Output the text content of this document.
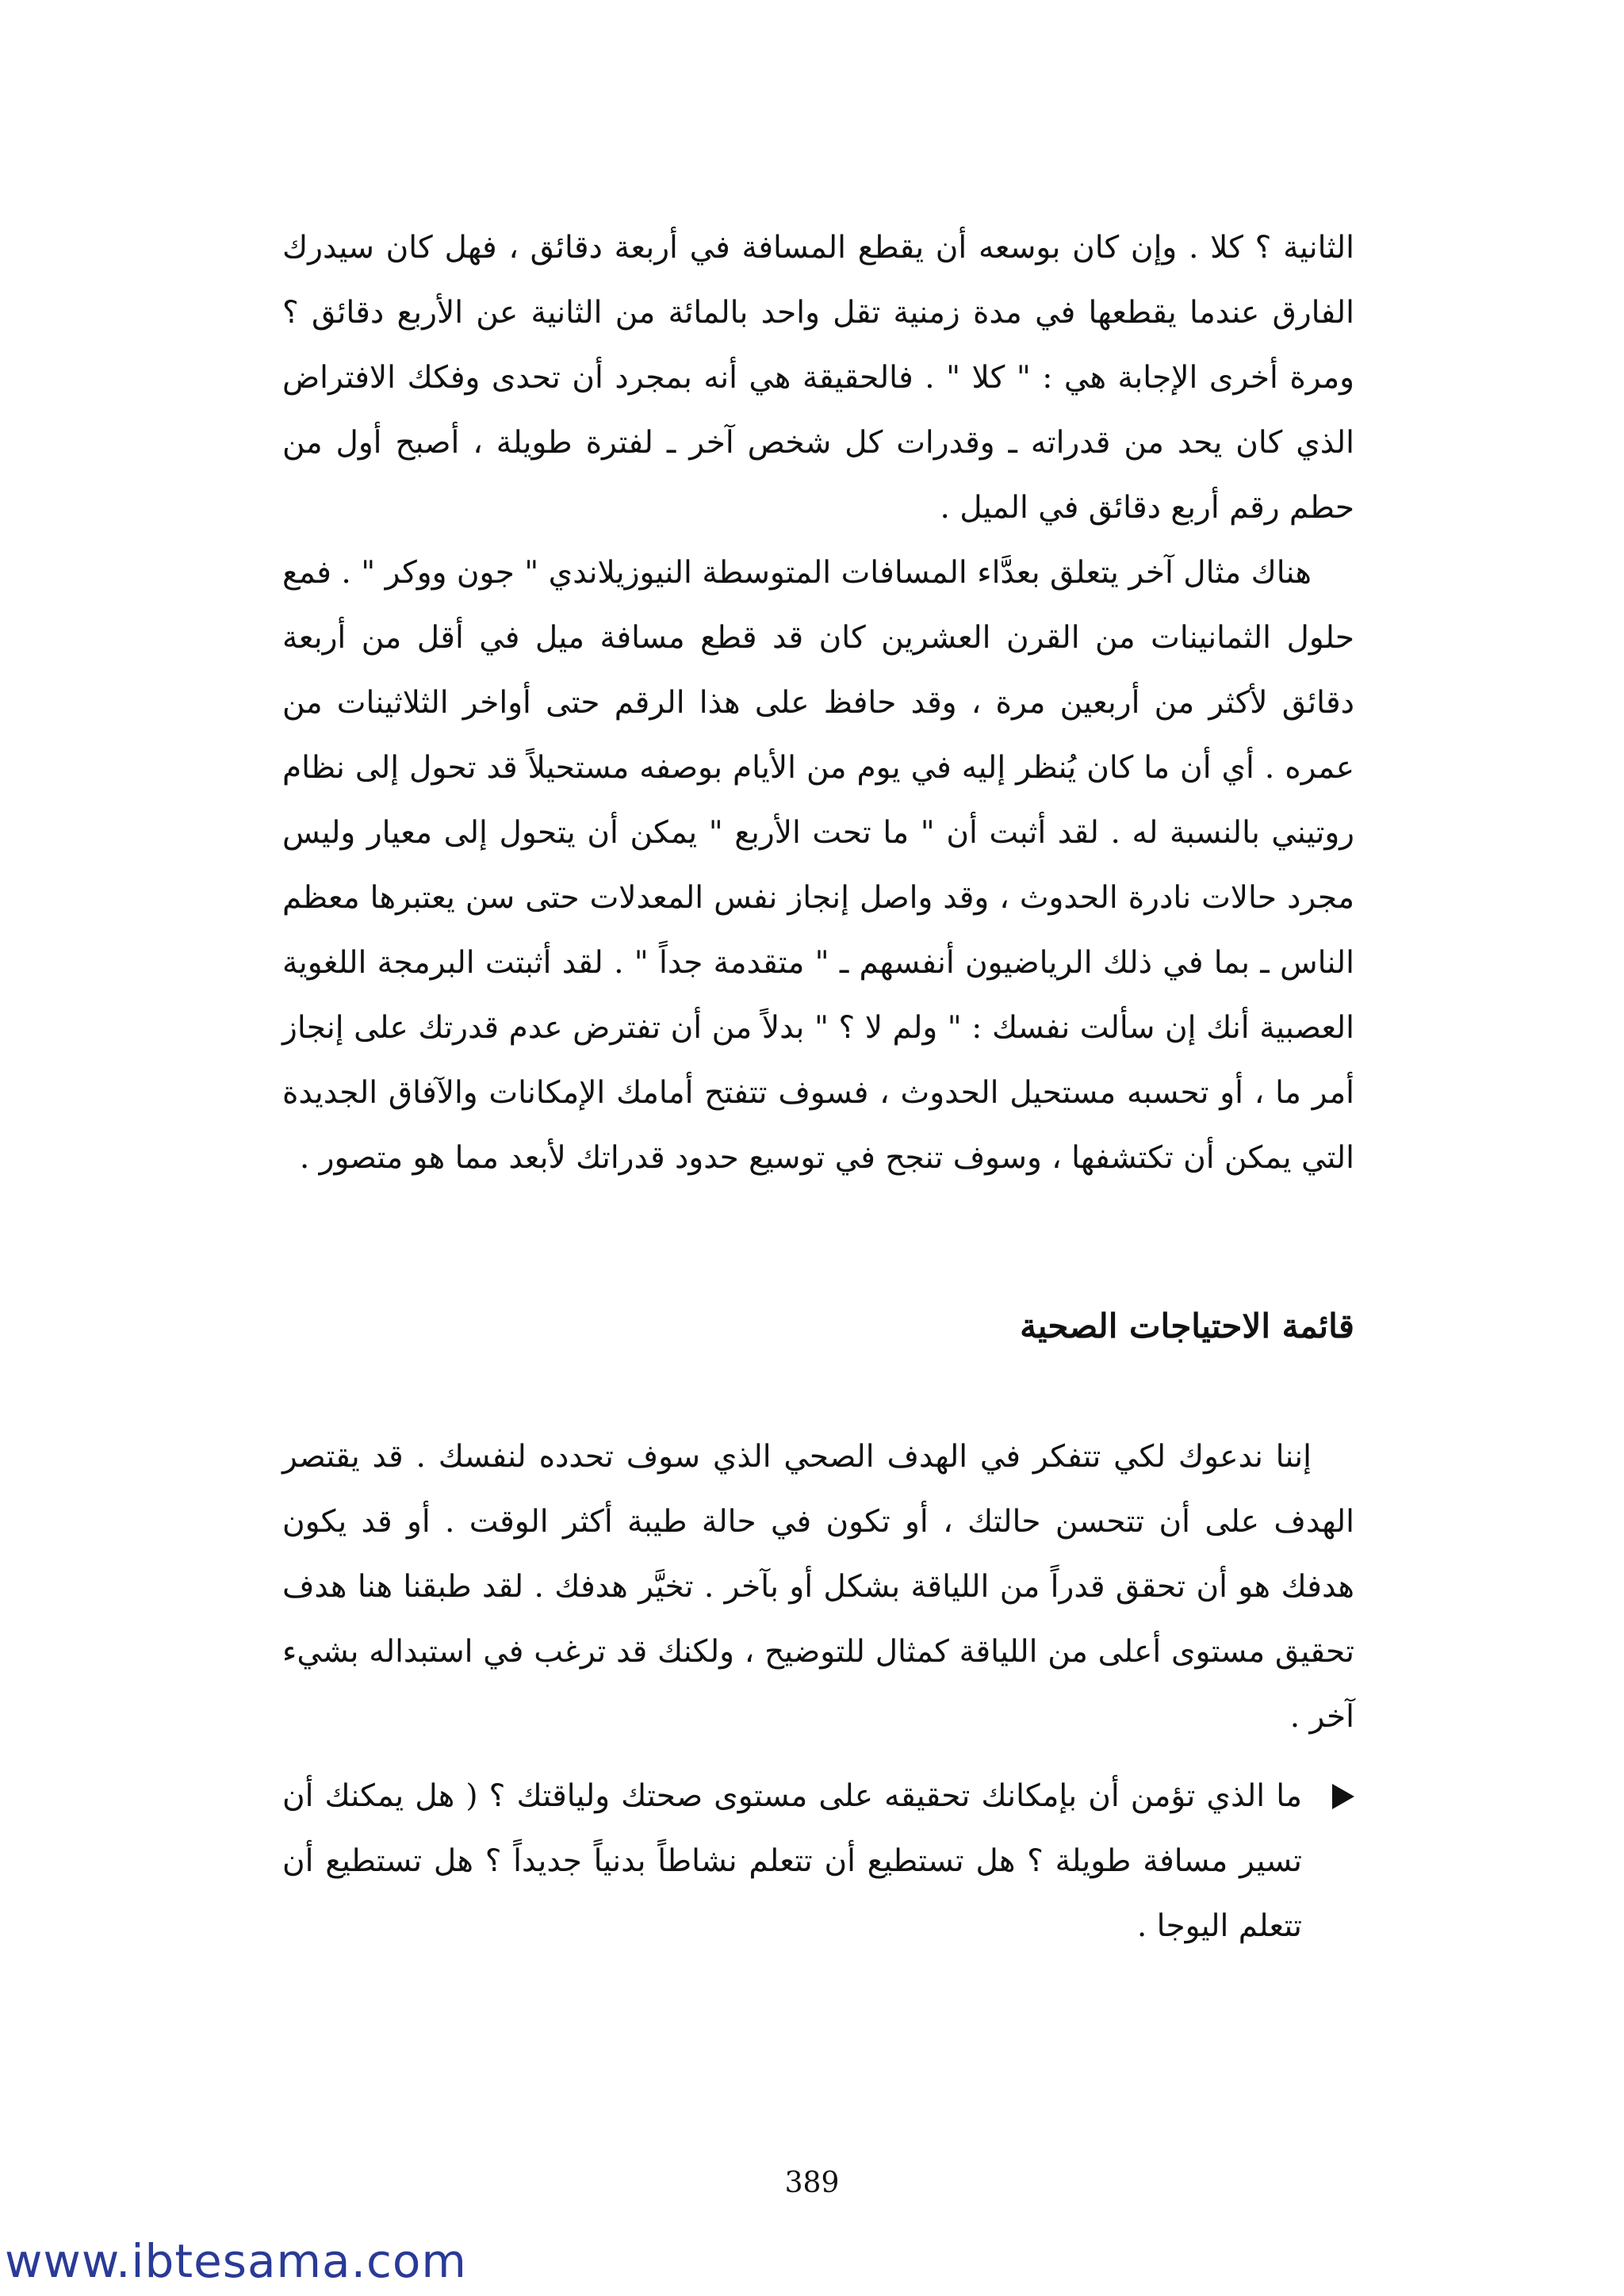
الثانية ؟ كلا . وإن كان بوسعه أن يقطع المسافة في أربعة دقائق ، فهل كان سيدرك الفارق عندما يقطعها في مدة زمنية تقل واحد بالمائة من الثانية عن الأربع دقائق ؟ ومرة أخرى الإجابة هي : " كلا " . فالحقيقة هي أنه بمجرد أن تحدى وفكك الافتراض الذي كان يحد من قدراته ـ وقدرات كل شخص آخر ـ لفترة طويلة ، أصبح أول من حطم رقم أربع دقائق في الميل .

هناك مثال آخر يتعلق بعدَّاء المسافات المتوسطة النيوزيلاندي " جون ووكر " . فمع حلول الثمانينات من القرن العشرين كان قد قطع مسافة ميل في أقل من أربعة دقائق لأكثر من أربعين مرة ، وقد حافظ على هذا الرقم حتى أواخر الثلاثينات من عمره . أي أن ما كان يُنظر إليه في يوم من الأيام بوصفه مستحيلاً قد تحول إلى نظام روتيني بالنسبة له . لقد أثبت أن " ما تحت الأربع " يمكن أن يتحول إلى معيار وليس مجرد حالات نادرة الحدوث ، وقد واصل إنجاز نفس المعدلات حتى سن يعتبرها معظم الناس ـ بما في ذلك الرياضيون أنفسهم ـ " متقدمة جداً " . لقد أثبتت البرمجة اللغوية العصبية أنك إن سألت نفسك : " ولم لا ؟ " بدلاً من أن تفترض عدم قدرتك على إنجاز أمر ما ، أو تحسبه مستحيل الحدوث ، فسوف تتفتح أمامك الإمكانات والآفاق الجديدة التي يمكن أن تكتشفها ، وسوف تنجح في توسيع حدود قدراتك لأبعد مما هو متصور .

قائمة الاحتياجات الصحية

إننا ندعوك لكي تتفكر في الهدف الصحي الذي سوف تحدده لنفسك . قد يقتصر الهدف على أن تتحسن حالتك ، أو تكون في حالة طيبة أكثر الوقت . أو قد يكون هدفك هو أن تحقق قدراً من اللياقة بشكل أو بآخر . تخيَّر هدفك . لقد طبقنا هنا هدف تحقيق مستوى أعلى من اللياقة كمثال للتوضيح ، ولكنك قد ترغب في استبداله بشيء آخر .

ما الذي تؤمن أن بإمكانك تحقيقه على مستوى صحتك ولياقتك ؟ ( هل يمكنك أن تسير مسافة طويلة ؟ هل تستطيع أن تتعلم نشاطاً بدنياً جديداً ؟ هل تستطيع أن تتعلم اليوجا .
389
www.ibtesama.com
